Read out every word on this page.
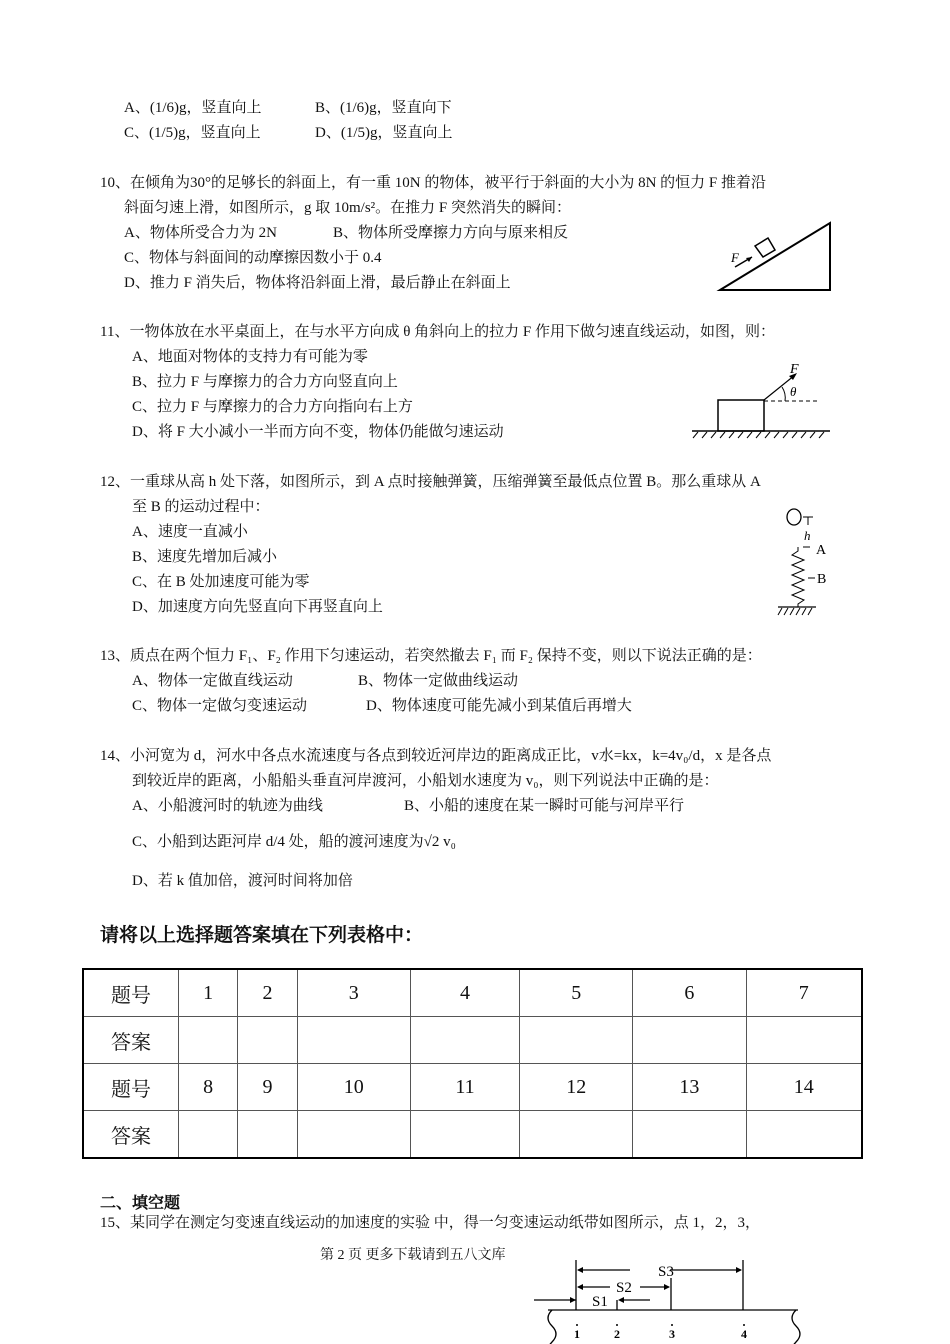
A、(1/6)g，竖直向上	B、(1/6)g，竖直向下
C、(1/5)g，竖直向上	D、(1/5)g，竖直向上
10、在倾角为30°的足够长的斜面上，有一重 10N 的物体，被平行于斜面的大小为 8N 的恒力 F 推着沿
斜面匀速上滑，如图所示，g 取 10m/s²。在推力 F 突然消失的瞬间：
A、物体所受合力为 2N	B、物体所受摩擦力方向与原来相反
C、物体与斜面间的动摩擦因数小于 0.4
D、推力 F 消失后，物体将沿斜面上滑，最后静止在斜面上
F
11、一物体放在水平桌面上，在与水平方向成 θ 角斜向上的拉力 F 作用下做匀速直线运动，如图，则：
A、地面对物体的支持力有可能为零
B、拉力 F 与摩擦力的合力方向竖直向上
C、拉力 F 与摩擦力的合力方向指向右上方
D、将 F 大小减小一半而方向不变，物体仍能做匀速运动
F
θ
12、一重球从高 h 处下落，如图所示，到 A 点时接触弹簧，压缩弹簧至最低点位置 B。那么重球从 A
至 B 的运动过程中：
A、速度一直减小
B、速度先增加后减小
C、在 B 处加速度可能为零
D、加速度方向先竖直向下再竖直向上
h
A
B
13、质点在两个恒力 F₁、F₂ 作用下匀速运动，若突然撤去 F₁ 而 F₂ 保持不变，则以下说法正确的是：
A、物体一定做直线运动	B、物体一定做曲线运动
C、物体一定做匀变速运动	D、物体速度可能先减小到某值后再增大
14、小河宽为 d，河水中各点水流速度与各点到较近河岸边的距离成正比，v水=kx，k=4v₀/d，x 是各点
到较近岸的距离，小船船头垂直河岸渡河，小船划水速度为 v₀，则下列说法中正确的是：
A、小船渡河时的轨迹为曲线	B、小船的速度在某一瞬时可能与河岸平行
C、小船到达距河岸 d/4 处，船的渡河速度为√2 v₀
D、若 k 值加倍，渡河时间将加倍
请将以上选择题答案填在下列表格中：
题号	1	2	3	4	5	6	7
答案							
题号	8	9	10	11	12	13	14
答案							
二、填空题
15、某同学在测定匀变速直线运动的加速度的实验 中，得一匀变速运动纸带如图所示，点 1，2，3，
第 2 页 更多下载请到五八文库
S1
S2
S3
1	2	3	4
